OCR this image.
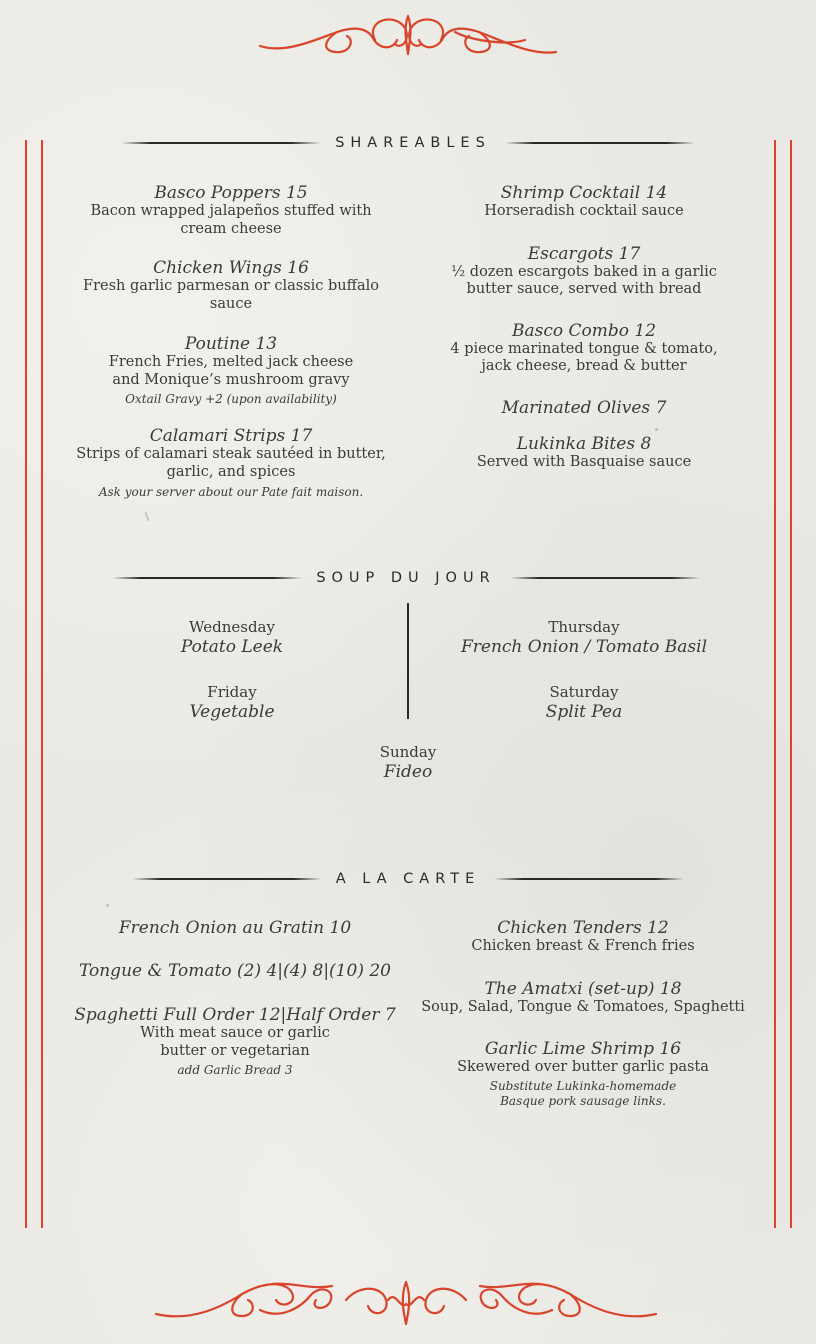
SHAREABLES
Basco Poppers 15
Bacon wrapped jalapeños stuffed with cream cheese
Chicken Wings 16
Fresh garlic parmesan or classic buffalo sauce
Poutine 13
French Fries, melted jack cheese and Monique’s mushroom gravy
Oxtail Gravy +2 (upon availability)
Calamari Strips 17
Strips of calamari steak sautéed in butter, garlic, and spices
Ask your server about our Pate fait maison.
Shrimp Cocktail 14
Horseradish cocktail sauce
Escargots 17
½ dozen escargots baked in a garlic butter sauce, served with bread
Basco Combo 12
4 piece marinated tongue & tomato, jack cheese, bread & butter
Marinated Olives 7
Lukinka Bites 8
Served with Basquaise sauce
SOUP DU JOUR
Wednesday
Potato Leek
Thursday
French Onion / Tomato Basil
Friday
Vegetable
Saturday
Split Pea
Sunday
Fideo
A LA CARTE
French Onion au Gratin 10
Tongue & Tomato (2) 4|(4) 8|(10) 20
Spaghetti Full Order 12|Half Order 7
With meat sauce or garlic butter or vegetarian
add Garlic Bread 3
Chicken Tenders 12
Chicken breast & French fries
The Amatxi (set-up) 18
Soup, Salad, Tongue & Tomatoes, Spaghetti
Garlic Lime Shrimp 16
Skewered over butter garlic pasta
Substitute Lukinka-homemade Basque pork sausage links.
